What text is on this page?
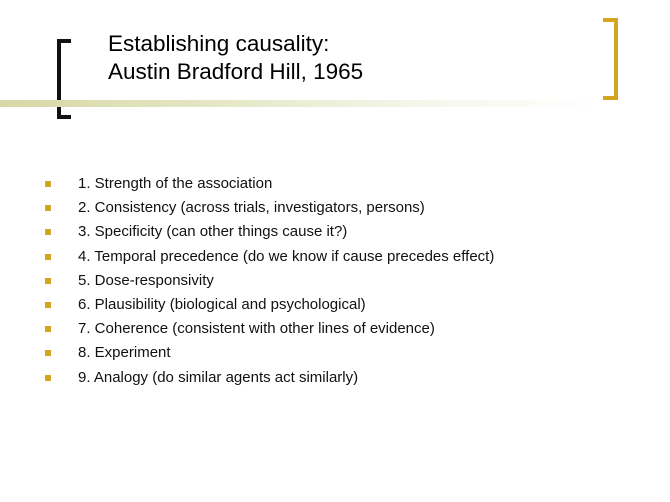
Establishing causality:
Austin Bradford Hill, 1965
1. Strength of the association
2. Consistency (across trials, investigators, persons)
3. Specificity (can other things cause it?)
4. Temporal precedence (do we know if cause precedes effect)
5. Dose-responsivity
6. Plausibility (biological and psychological)
7. Coherence (consistent with other lines of evidence)
8. Experiment
9. Analogy (do similar agents act similarly)
